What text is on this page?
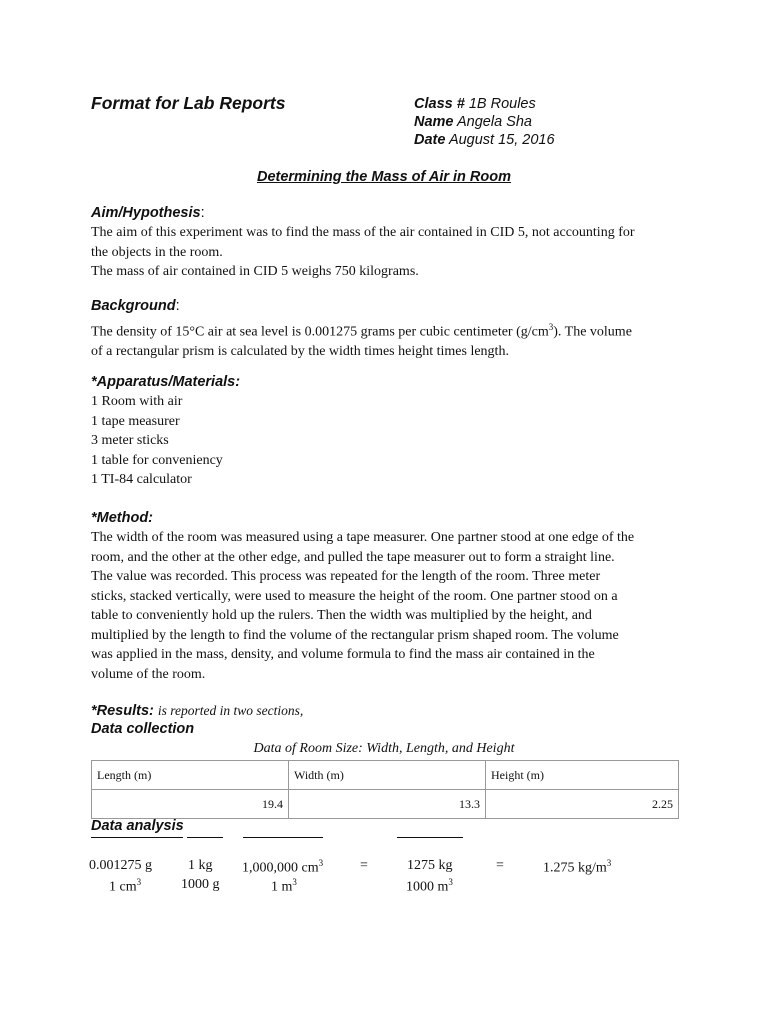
Format for Lab Reports	Class # 1B Roules
Name Angela Sha
Date August 15, 2016
Determining the Mass of Air in Room
Aim/Hypothesis:
The aim of this experiment was to find the mass of the air contained in CID 5, not accounting for
the objects in the room.
The mass of air contained in CID 5 weighs 750 kilograms.
Background:
The density of 15°C air at sea level is 0.001275 grams per cubic centimeter $(g/cm^3)$. The volume
of a rectangular prism is calculated by the width times height times length.
*Apparatus/Materials:
1 Room with air
1 tape measurer
3 meter sticks
1 table for conveniency
1 TI-84 calculator
*Method:
The width of the room was measured using a tape measurer. One partner stood at one edge of the
room, and the other at the other edge, and pulled the tape measurer out to form a straight line.
The value was recorded. This process was repeated for the length of the room. Three meter
sticks, stacked vertically, were used to measure the height of the room. One partner stood on a
table to conveniently hold up the rulers. Then the width was multiplied by the height, and
multiplied by the length to find the volume of the rectangular prism shaped room. The volume
was applied in the mass, density, and volume formula to find the mass air contained in the
volume of the room.
*Results: is reported in two sections,
Data collection
Data of Room Size: Width, Length, and Height
Length (m)	Width (m)	Height (m)
19.4	13.3	2.25
Data analysis
0.001275 g	1 kg 1,000,000 $cm^3$	=	1275 kg	=	1.275 $kg/m^3$
1 $cm^3$	1000 g	1 $m^3$	1000 $m^3$
